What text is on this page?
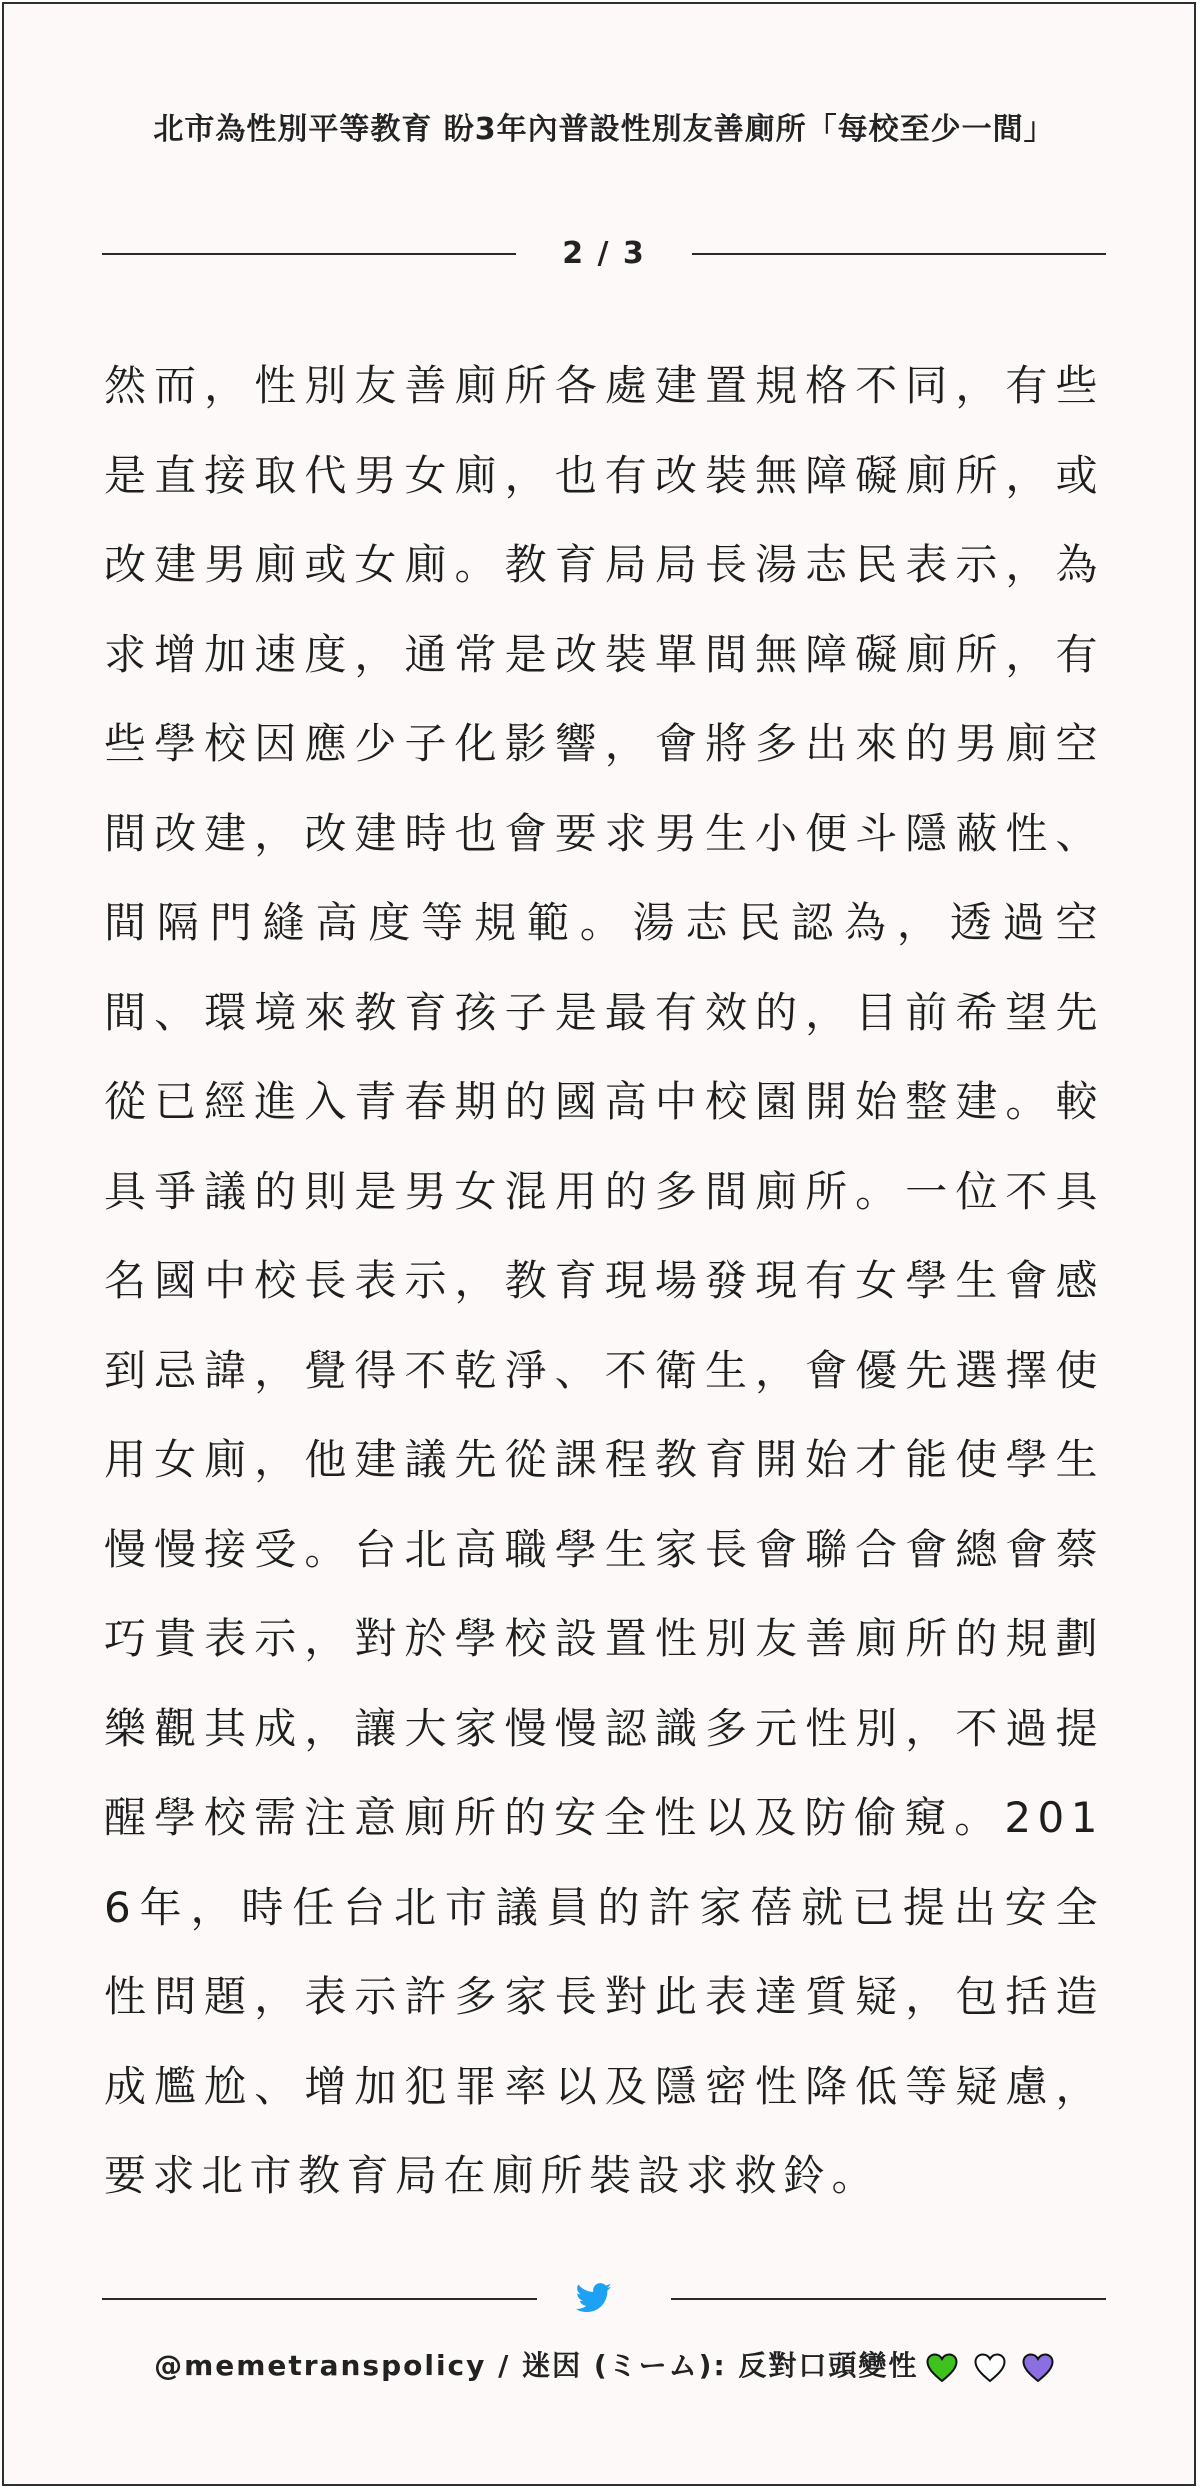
北市為性別平等教育 盼3年內普設性別友善廁所「每校至少一間」
2 / 3

然而，性別友善廁所各處建置規格不同，有些是直接取代男女廁，也有改裝無障礙廁所，或改建男廁或女廁。教育局局長湯志民表示，為求增加速度，通常是改裝單間無障礙廁所，有些學校因應少子化影響，會將多出來的男廁空間改建，改建時也會要求男生小便斗隱蔽性、間隔門縫高度等規範。湯志民認為，透過空間、環境來教育孩子是最有效的，目前希望先從已經進入青春期的國高中校園開始整建。較具爭議的則是男女混用的多間廁所。一位不具名國中校長表示，教育現場發現有女學生會感到忌諱，覺得不乾淨、不衛生，會優先選擇使用女廁，他建議先從課程教育開始才能使學生慢慢接受。台北高職學生家長會聯合會總會蔡巧貴表示，對於學校設置性別友善廁所的規劃樂觀其成，讓大家慢慢認識多元性別，不過提醒學校需注意廁所的安全性以及防偷窺。2016年，時任台北市議員的許家蓓就已提出安全性問題，表示許多家長對此表達質疑，包括造成尷尬、增加犯罪率以及隱密性降低等疑慮，要求北市教育局在廁所裝設求救鈴。

@memetranspolicy / 迷因 (ミーム): 反對口頭變性
